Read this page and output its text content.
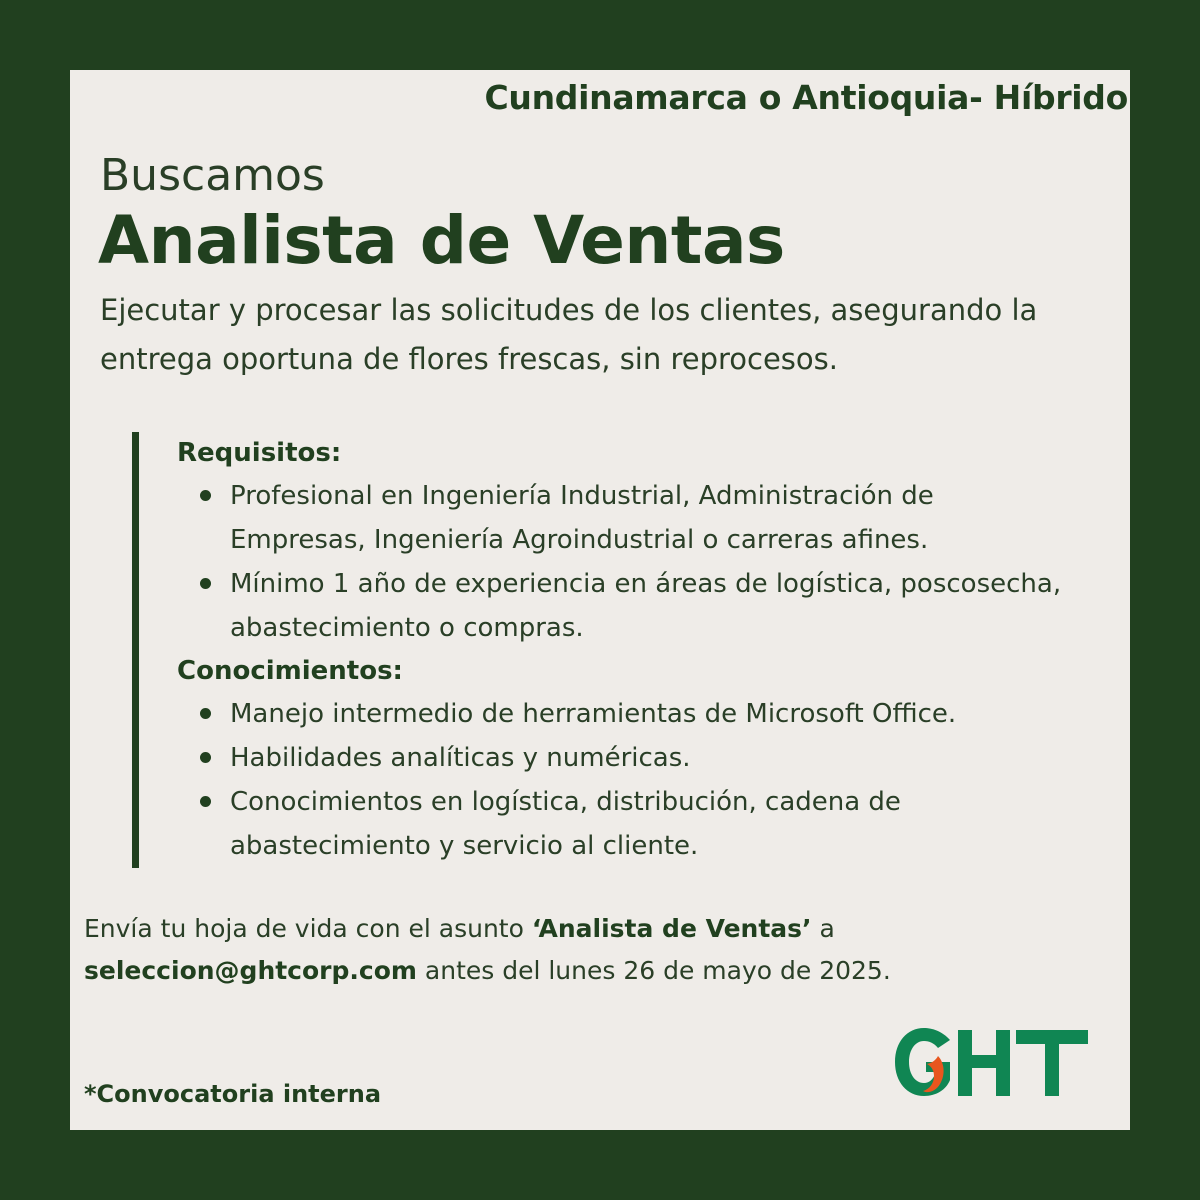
Cundinamarca o Antioquia- Híbrido
Buscamos
Analista de Ventas
Ejecutar y procesar las solicitudes de los clientes, asegurando la entrega oportuna de flores frescas, sin reprocesos.
Requisitos:
Profesional en Ingeniería Industrial, Administración de Empresas, Ingeniería Agroindustrial o carreras afines.
Mínimo 1 año de experiencia en áreas de logística, poscosecha, abastecimiento o compras.
Conocimientos:
Manejo intermedio de herramientas de Microsoft Office.
Habilidades analíticas y numéricas.
Conocimientos en logística, distribución, cadena de abastecimiento y servicio al cliente.
Envía tu hoja de vida con el asunto ‘Analista de Ventas’ a
seleccion@ghtcorp.com antes del lunes 26 de mayo de 2025.
*Convocatoria interna
